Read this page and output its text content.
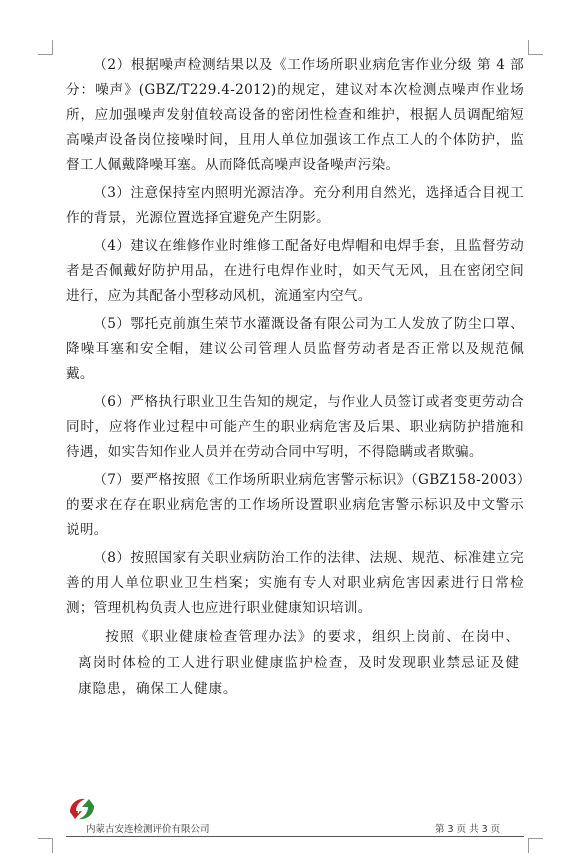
（2）根据噪声检测结果以及《工作场所职业病危害作业分级 第 4 部分：噪声》(GBZ/T229.4-2012)的规定，建议对本次检测点噪声作业场所，应加强噪声发射值较高设备的密闭性检查和维护，根据人员调配缩短高噪声设备岗位接噪时间，且用人单位加强该工作点工人的个体防护，监督工人佩戴降噪耳塞。从而降低高噪声设备噪声污染。

（3）注意保持室内照明光源洁净。充分利用自然光，选择适合目视工作的背景，光源位置选择宜避免产生阴影。

（4）建议在维修作业时维修工配备好电焊帽和电焊手套，且监督劳动者是否佩戴好防护用品，在进行电焊作业时，如天气无风，且在密闭空间进行，应为其配备小型移动风机，流通室内空气。

（5）鄂托克前旗生荣节水灌溉设备有限公司为工人发放了防尘口罩、降噪耳塞和安全帽，建议公司管理人员监督劳动者是否正常以及规范佩戴。

（6）严格执行职业卫生告知的规定，与作业人员签订或者变更劳动合同时，应将作业过程中可能产生的职业病危害及后果、职业病防护措施和待遇，如实告知作业人员并在劳动合同中写明，不得隐瞒或者欺骗。

（7）要严格按照《工作场所职业病危害警示标识》（GBZ158-2003）的要求在存在职业病危害的工作场所设置职业病危害警示标识及中文警示说明。

（8）按照国家有关职业病防治工作的法律、法规、规范、标准建立完善的用人单位职业卫生档案；实施有专人对职业病危害因素进行日常检测；管理机构负责人也应进行职业健康知识培训。

按照《职业健康检查管理办法》的要求，组织上岗前、在岗中、离岗时体检的工人进行职业健康监护检查，及时发现职业禁忌证及健康隐患，确保工人健康。

内蒙古安连检测评价有限公司	第 3 页 共 3 页
